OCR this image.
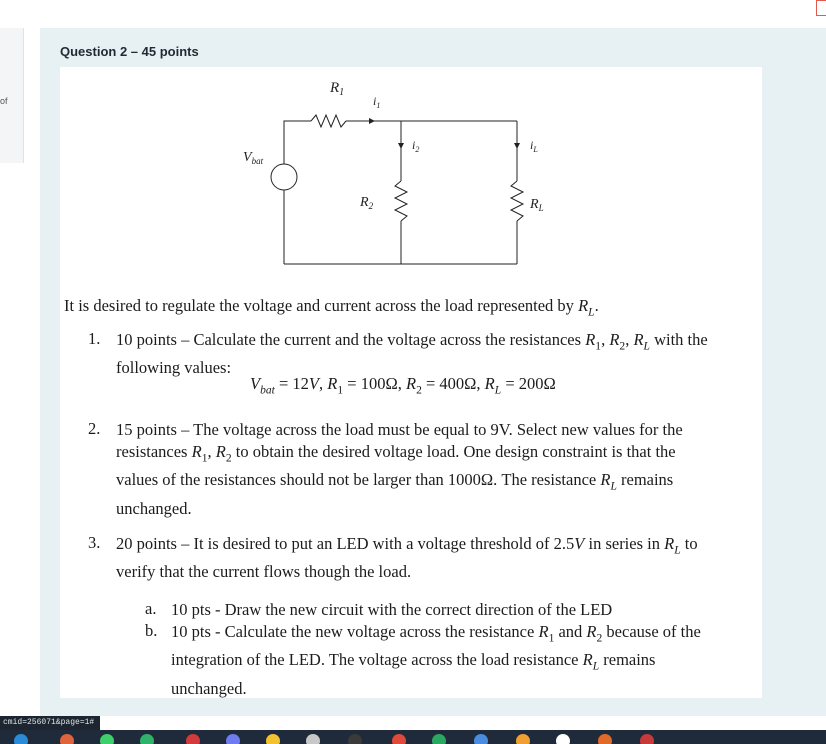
of
Question 2 – 45 points
$R_1$
$i_1$
$i_2$	$i_L$
$V_{bat}$
$R_2$	$R_L$
It is desired to regulate the voltage and current across the load represented by $R_L$.
1. 10 points – Calculate the current and the voltage across the resistances $R_1$, $R_2$, $R_L$ with the following values:
$V_{bat} = 12V$, $R_1 = 100\Omega$, $R_2 = 400\Omega$, $R_L = 200\Omega$
2. 15 points – The voltage across the load must be equal to 9V. Select new values for the resistances $R_1$, $R_2$ to obtain the desired voltage load. One design constraint is that the values of the resistances should not be larger than 1000Ω. The resistance $R_L$ remains unchanged.
3. 20 points – It is desired to put an LED with a voltage threshold of 2.5V in series in $R_L$ to verify that the current flows though the load.
a. 10 pts - Draw the new circuit with the correct direction of the LED
b. 10 pts - Calculate the new voltage across the resistance $R_1$ and $R_2$ because of the integration of the LED. The voltage across the load resistance $R_L$ remains unchanged.
cmid=256071&page=1#
